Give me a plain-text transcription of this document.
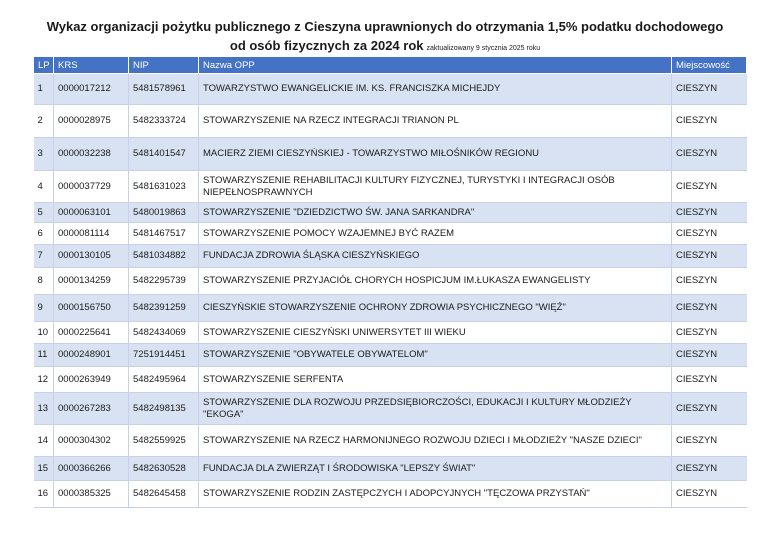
Wykaz organizacji pożytku publicznego z Cieszyna uprawnionych do otrzymania 1,5% podatku dochodowego
od osób fizycznych za 2024 rok zaktualizowany 9 stycznia 2025 roku
LP	KRS	NIP	Nazwa OPP	Miejscowość
1	0000017212	5481578961	TOWARZYSTWO EWANGELICKIE IM. KS. FRANCISZKA MICHEJDY	CIESZYN
2	0000028975	5482333724	STOWARZYSZENIE NA RZECZ INTEGRACJI TRIANON PL	CIESZYN
3	0000032238	5481401547	MACIERZ ZIEMI CIESZYŃSKIEJ - TOWARZYSTWO MIŁOŚNIKÓW REGIONU	CIESZYN
4	0000037729	5481631023	STOWARZYSZENIE REHABILITACJI KULTURY FIZYCZNEJ, TURYSTYKI I INTEGRACJI OSÓB NIEPEŁNOSPRAWNYCH	CIESZYN
5	0000063101	5480019863	STOWARZYSZENIE "DZIEDZICTWO ŚW. JANA SARKANDRA"	CIESZYN
6	0000081114	5481467517	STOWARZYSZENIE POMOCY WZAJEMNEJ BYĆ RAZEM	CIESZYN
7	0000130105	5481034882	FUNDACJA ZDROWIA ŚLĄSKA CIESZYŃSKIEGO	CIESZYN
8	0000134259	5482295739	STOWARZYSZENIE PRZYJACIÓŁ CHORYCH HOSPICJUM IM.ŁUKASZA EWANGELISTY	CIESZYN
9	0000156750	5482391259	CIESZYŃSKIE STOWARZYSZENIE OCHRONY ZDROWIA PSYCHICZNEGO "WIĘŹ"	CIESZYN
10	0000225641	5482434069	STOWARZYSZENIE CIESZYŃSKI UNIWERSYTET III WIEKU	CIESZYN
11	0000248901	7251914451	STOWARZYSZENIE "OBYWATELE OBYWATELOM"	CIESZYN
12	0000263949	5482495964	STOWARZYSZENIE SERFENTA	CIESZYN
13	0000267283	5482498135	STOWARZYSZENIE DLA ROZWOJU PRZEDSIĘBIORCZOŚCI, EDUKACJI I KULTURY MŁODZIEŻY "EKOGA"	CIESZYN
14	0000304302	5482559925	STOWARZYSZENIE NA RZECZ HARMONIJNEGO ROZWOJU DZIECI I MŁODZIEŻY "NASZE DZIECI"	CIESZYN
15	0000366266	5482630528	FUNDACJA DLA ZWIERZĄT I ŚRODOWISKA "LEPSZY ŚWIAT"	CIESZYN
16	0000385325	5482645458	STOWARZYSZENIE RODZIN ZASTĘPCZYCH I ADOPCYJNYCH "TĘCZOWA PRZYSTAŃ"	CIESZYN
